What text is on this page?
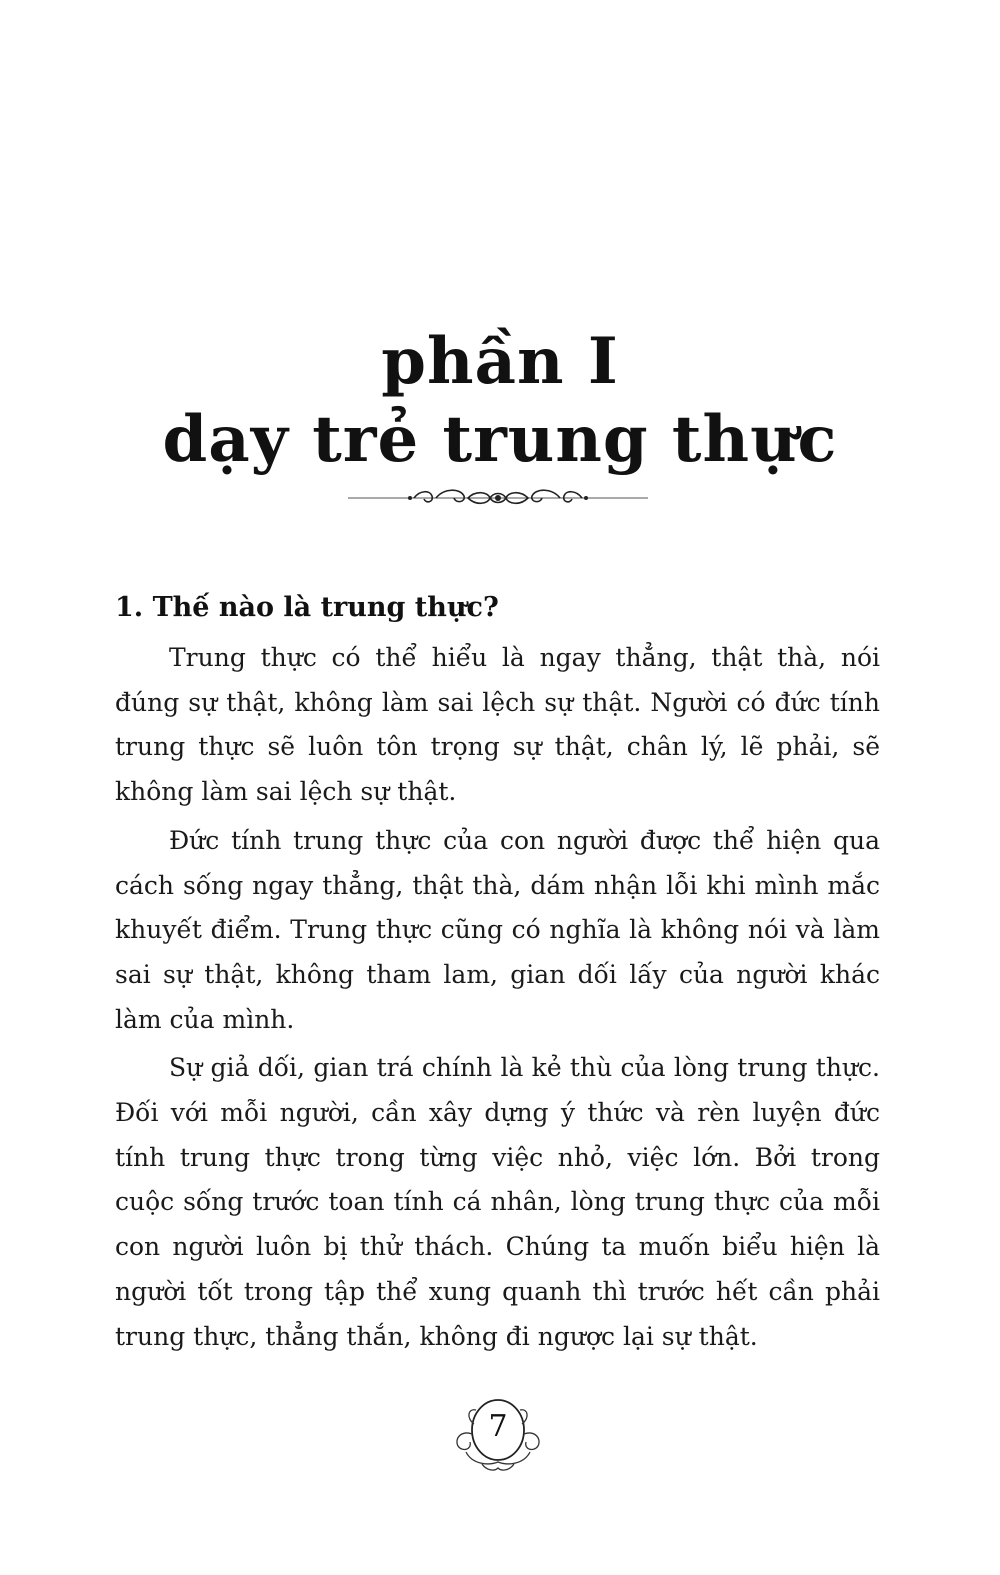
phần I
dạy trẻ trung thực
1. Thế nào là trung thực?

Trung thực có thể hiểu là ngay thẳng, thật thà, nói đúng sự thật, không làm sai lệch sự thật. Người có đức tính trung thực sẽ luôn tôn trọng sự thật, chân lý, lẽ phải, sẽ không làm sai lệch sự thật.

Đức tính trung thực của con người được thể hiện qua cách sống ngay thẳng, thật thà, dám nhận lỗi khi mình mắc khuyết điểm. Trung thực cũng có nghĩa là không nói và làm sai sự thật, không tham lam, gian dối lấy của người khác làm của mình.

Sự giả dối, gian trá chính là kẻ thù của lòng trung thực. Đối với mỗi người, cần xây dựng ý thức và rèn luyện đức tính trung thực trong từng việc nhỏ, việc lớn. Bởi trong cuộc sống trước toan tính cá nhân, lòng trung thực của mỗi con người luôn bị thử thách. Chúng ta muốn biểu hiện là người tốt trong tập thể xung quanh thì trước hết cần phải trung thực, thẳng thắn, không đi ngược lại sự thật.

7
